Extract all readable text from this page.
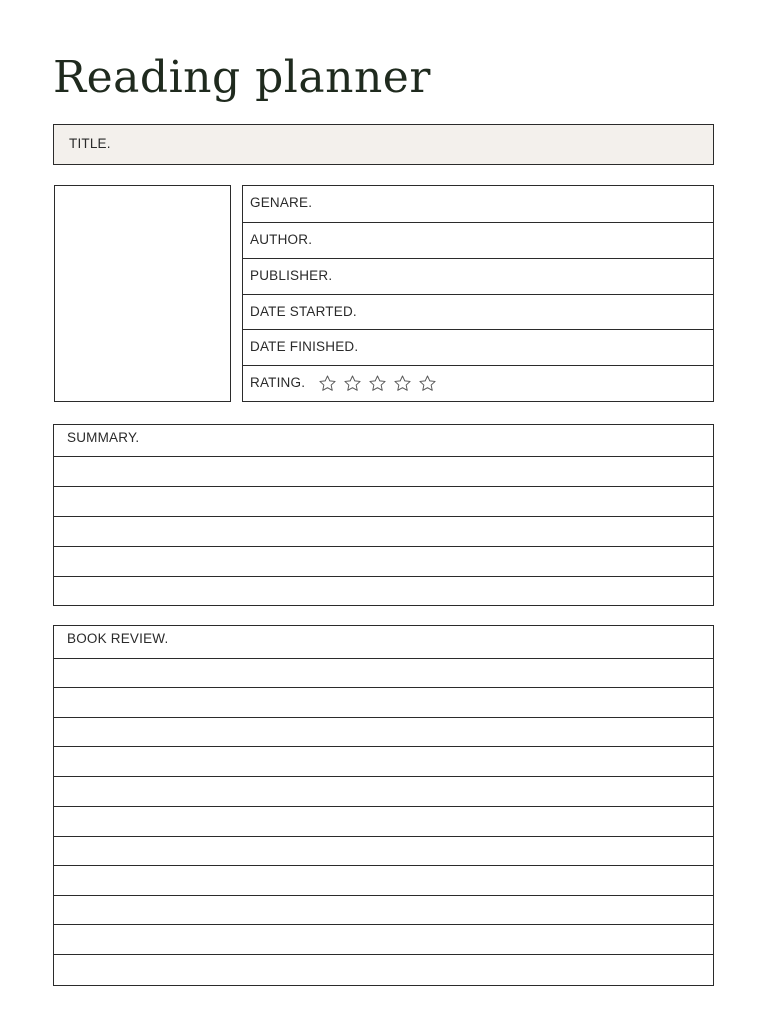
Reading planner
TITLE.
GENARE.
AUTHOR.
PUBLISHER.
DATE STARTED.
DATE FINISHED.
RATING.
SUMMARY.
BOOK REVIEW.
